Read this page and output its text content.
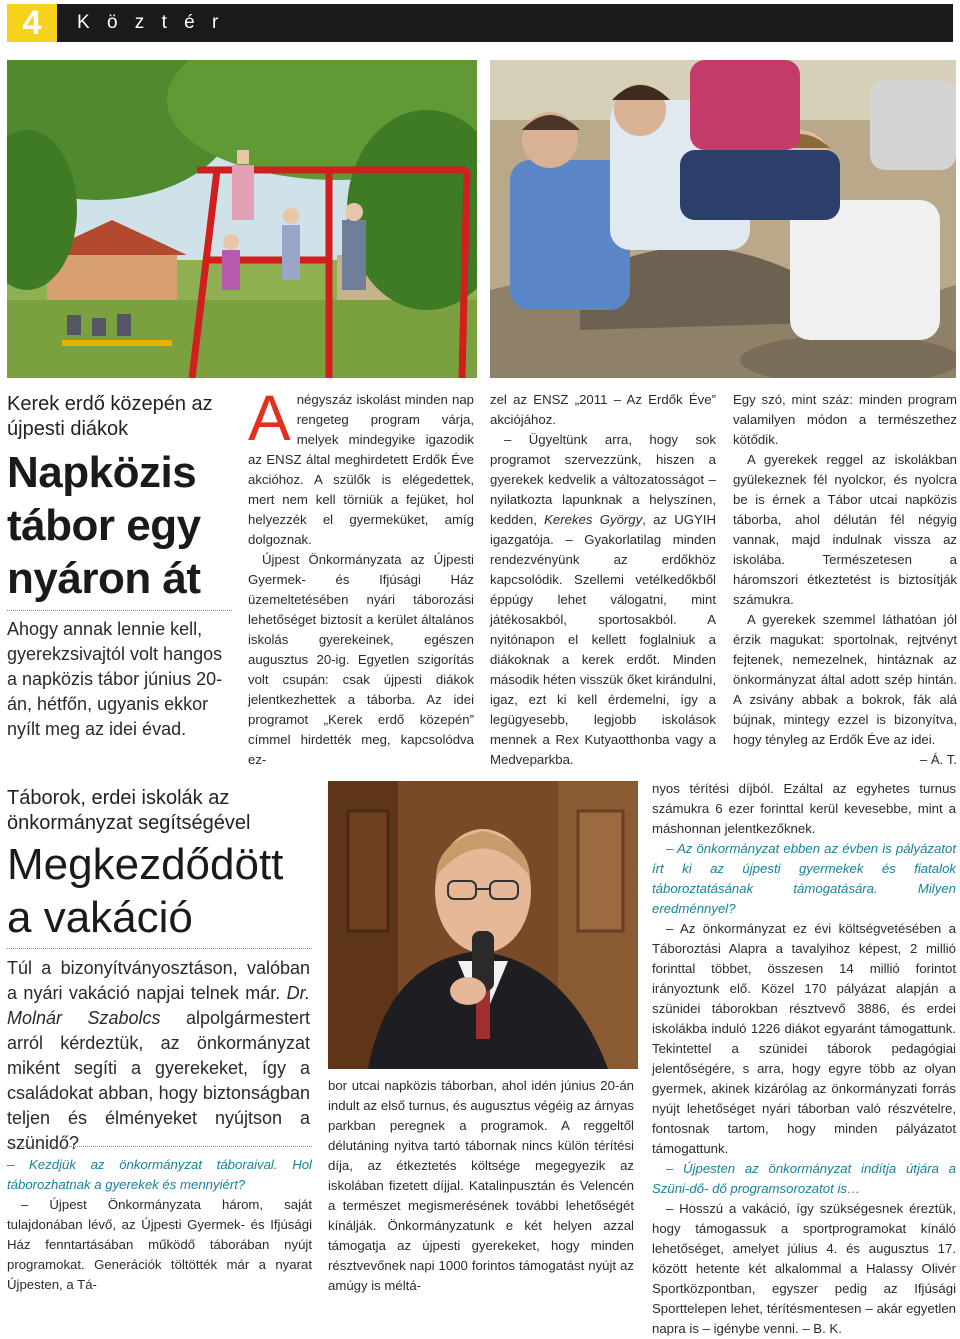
4	K ö z t é r
Kerek erdő közepén az újpesti diákok
Napközis tábor egy nyáron át
Ahogy annak lennie kell, gyerekzsivajtól volt hangos a napközis tábor június 20-án, hétfőn, ugyanis ekkor nyílt meg az idei évad.

Anégyszáz iskolást minden nap rengeteg program várja, melyek mindegyike igazodik az ENSZ által meghirdetett Erdők Éve akcióhoz. A szülők is elégedettek, mert nem kell törniük a fejüket, hol helyezzék el gyermeküket, amíg dolgoznak.

Újpest Önkormányzata az Újpesti Gyermek- és Ifjúsági Ház üzemeltetésében nyári táborozási lehetőséget biztosít a kerület általános iskolás gyerekeinek, egészen augusztus 20-ig. Egyetlen szigorítás volt csupán: csak újpesti diákok jelentkezhettek a táborba. Az idei programot „Kerek erdő közepén” címmel hirdették meg, kapcsolódva ez-

zel az ENSZ „2011 – Az Erdők Éve” akciójához.

– Ügyeltünk arra, hogy sok programot szervezzünk, hiszen a gyerekek kedvelik a változatosságot – nyilatkozta lapunknak a helyszínen, kedden, Kerekes György, az UGYIH igazgatója. – Gyakorlatilag minden rendezvényünk az erdőkhöz kapcsolódik. Szellemi vetélkedőkből éppúgy lehet válogatni, mint játékosakból, sportosakból. A nyitónapon el kellett foglalniuk a diákoknak a kerek erdőt. Minden második héten visszük őket kirándulni, igaz, ezt ki kell érdemelni, így a legügyesebb, legjobb iskolások mennek a Rex Kutyaotthonba vagy a Medveparkba.

Egy szó, mint száz: minden program valamilyen módon a természethez kötődik.

A gyerekek reggel az iskolákban gyülekeznek fél nyolckor, és nyolcra be is érnek a Tábor utcai napközis táborba, ahol délután fél négyig vannak, majd indulnak vissza az iskolába. Természetesen a háromszori étkeztetést is biztosítják számukra.

A gyerekek szemmel láthatóan jól érzik magukat: sportolnak, rejtvényt fejtenek, nemezelnek, hintáznak az önkormányzat által adott szép hintán. A zsivány abbak a bokrok, fák alá bújnak, mintegy ezzel is bizonyítva, hogy tényleg az Erdők Éve az idei.

– Á. T.

Táborok, erdei iskolák az önkormányzat segítségével
Megkezdődött a vakáció
Túl a bizonyítványosztáson, valóban a nyári vakáció napjai telnek már. Dr. Molnár Szabolcs alpolgármestert arról kérdeztük, az önkormányzat miként segíti a gyerekeket, így a családokat abban, hogy biztonságban teljen és élményeket nyújtson a szünidő?

– Kezdjük az önkormányzat táboraival. Hol táborozhatnak a gyerekek és mennyiért?

– Újpest Önkormányzata három, saját tulajdonában lévő, az Újpesti Gyermek- és Ifjúsági Ház fenntartásában működő táborában nyújt programokat. Generációk töltötték már a nyarat Újpesten, a Tá-

bor utcai napközis táborban, ahol idén június 20-án indult az első turnus, és augusztus végéig az árnyas parkban peregnek a programok. A reggeltől délutáning nyitva tartó tábornak nincs külön térítési díja, az étkeztetés költsége megegyezik az iskolában fizetett díjjal. Katalinpusztán és Velencén a természet megismerésének további lehetőségét kínálják. Önkormányzatunk e két helyen azzal támogatja az újpesti gyerekeket, hogy minden résztvevőnek napi 1000 forintos támogatást nyújt az amúgy is méltá-

nyos térítési díjból. Ezáltal az egyhetes turnus számukra 6 ezer forinttal kerül kevesebbe, mint a máshonnan jelentkezőknek.

– Az önkormányzat ebben az évben is pályázatot írt ki az újpesti gyermekek és fiatalok táboroztatásának támogatására. Milyen eredménnyel?

– Az önkormányzat ez évi költségvetésében a Táboroztási Alapra a tavalyihoz képest, 2 millió forinttal többet, összesen 14 millió forintot irányoztunk elő. Közel 170 pályázat alapján a szünidei táborokban résztvevő 3886, és erdei iskolákba induló 1226 diákot egyaránt támogattunk. Tekintettel a szünidei táborok pedagógiai jelentőségére, s arra, hogy egyre több az olyan gyermek, akinek kizárólag az önkormányzati forrás nyújt lehetőséget nyári táborban való részvételre, fontosnak tartom, hogy minden pályázatot támogattunk.

– Újpesten az önkormányzat indítja útjára a Szüni-dő- dő programsorozatot is…

– Hosszú a vakáció, így szükségesnek éreztük, hogy támogassuk a sportprogramokat kínáló lehetőséget, amelyet július 4. és augusztus 17. között hetente két alkalommal a Halassy Olivér Sportközpontban, egyszer pedig az Ifjúsági Sporttelepen lehet, térítésmentesen – akár egyetlen napra is – igénybe venni. – B. K.
